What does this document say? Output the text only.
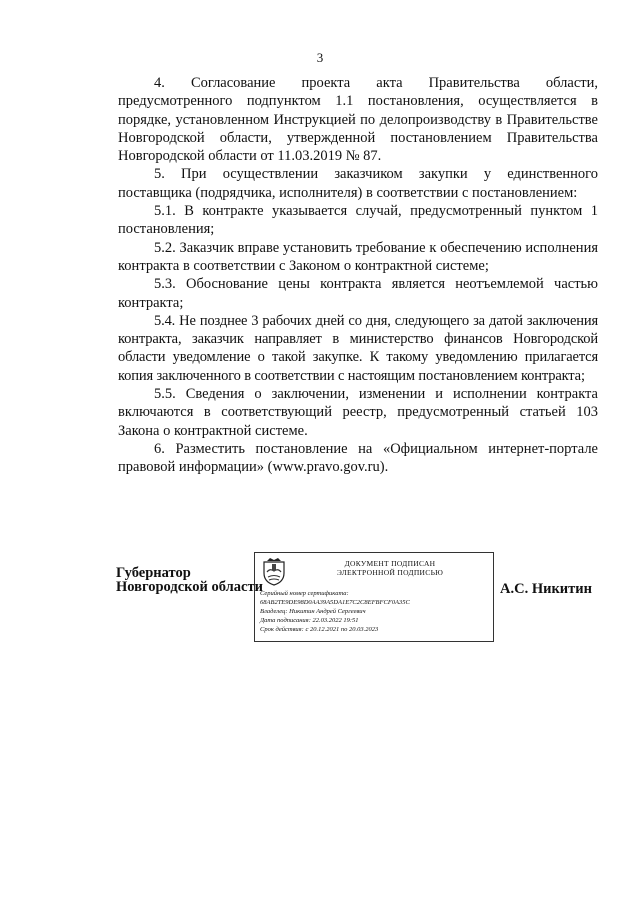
3

4. Согласование проекта акта Правительства области, предусмотренного подпунктом 1.1 постановления, осуществляется в порядке, установленном Инструкцией по делопроизводству в Правительстве Новгородской области, утвержденной постановлением Правительства Новгородской области от 11.03.2019 № 87.

5. При осуществлении заказчиком закупки у единственного поставщика (подрядчика, исполнителя) в соответствии с постановлением:

5.1. В контракте указывается случай, предусмотренный пунктом 1 постановления;

5.2. Заказчик вправе установить требование к обеспечению исполнения контракта в соответствии с Законом о контрактной системе;

5.3. Обоснование цены контракта является неотъемлемой частью контракта;

5.4. Не позднее 3 рабочих дней со дня, следующего за датой заключения контракта, заказчик направляет в министерство финансов Новгородской области уведомление о такой закупке. К такому уведомлению прилагается копия заключенного в соответствии с настоящим постановлением контракта;

5.5. Сведения о заключении, изменении и исполнении контракта включаются в соответствующий реестр, предусмотренный статьей 103 Закона о контрактной системе.

6. Разместить постановление на «Официальном интернет-портале правовой информации» (www.pravo.gov.ru).

Губернатор
Новгородской области
ДОКУМЕНТ ПОДПИСАН
ЭЛЕКТРОННОЙ ПОДПИСЬЮ
Серийный номер сертификата:
68AB2TE9DE98D0AA39A5DA1E7C2C8EFBFCF0A35C
Владелец: Никитин Андрей Сергеевич
Дата подписания: 22.03.2022 19:51
Срок действия: с 20.12.2021 по 20.03.2023
А.С. Никитин
